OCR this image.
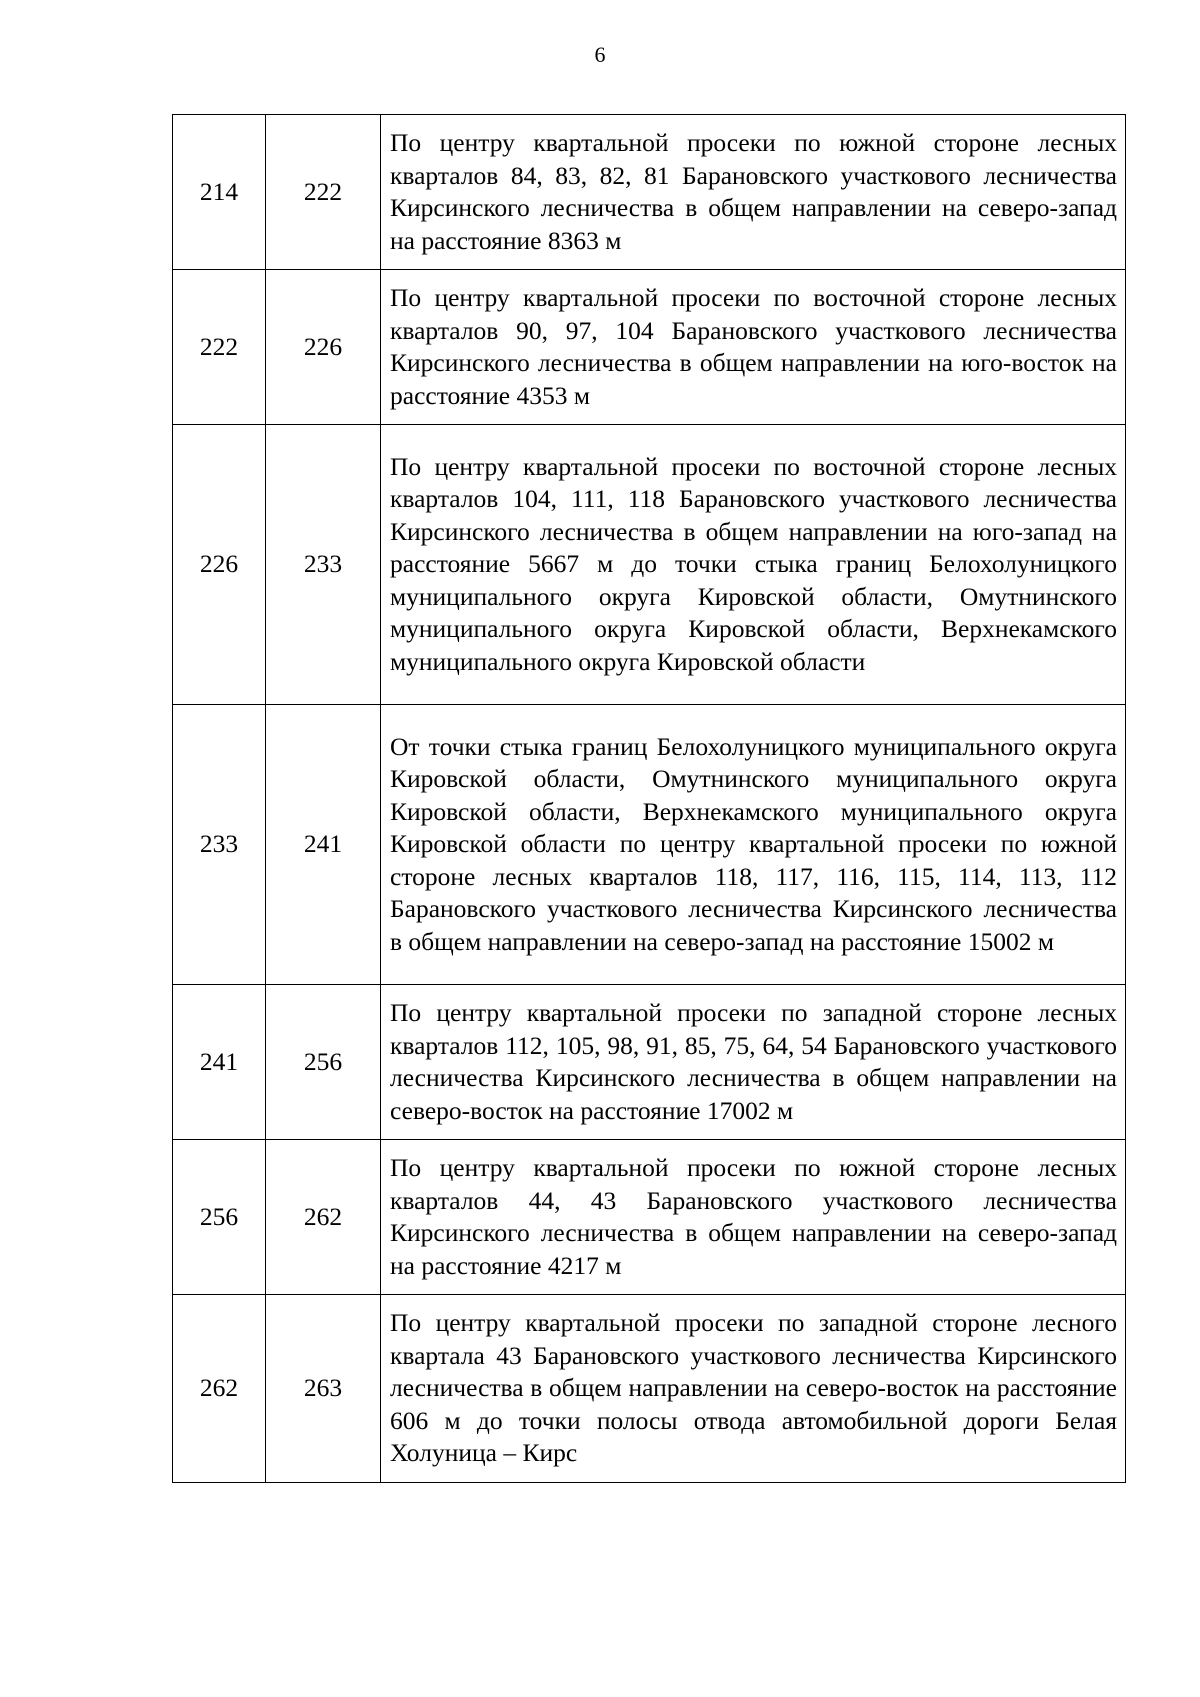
6
214	222	По центру квартальной просеки по южной стороне лесных кварталов 84, 83, 82, 81 Барановского участкового лесничества Кирсинского лесничества в общем направлении на северо-запад на расстояние 8363 м
222	226	По центру квартальной просеки по восточной стороне лесных кварталов 90, 97, 104 Барановского участкового лесничества Кирсинского лесничества в общем направлении на юго-восток на расстояние 4353 м
226	233	По центру квартальной просеки по восточной стороне лесных кварталов 104, 111, 118 Барановского участкового лесничества Кирсинского лесничества в общем направлении на юго-запад на расстояние 5667 м до точки стыка границ Белохолуницкого муниципального округа Кировской области, Омутнинского муниципального округа Кировской области, Верхнекамского муниципального округа Кировской области
233	241	От точки стыка границ Белохолуницкого муниципального округа Кировской области, Омутнинского муниципального округа Кировской области, Верхнекамского муниципального округа Кировской области по центру квартальной просеки по южной стороне лесных кварталов 118, 117, 116, 115, 114, 113, 112 Барановского участкового лесничества Кирсинского лесничества в общем направлении на северо-запад на расстояние 15002 м
241	256	По центру квартальной просеки по западной стороне лесных кварталов 112, 105, 98, 91, 85, 75, 64, 54 Барановского участкового лесничества Кирсинского лесничества в общем направлении на северо-восток на расстояние 17002 м
256	262	По центру квартальной просеки по южной стороне лесных кварталов 44, 43 Барановского участкового лесничества Кирсинского лесничества в общем направлении на северо-запад на расстояние 4217 м
262	263	По центру квартальной просеки по западной стороне лесного квартала 43 Барановского участкового лесничества Кирсинского лесничества в общем направлении на северо-восток на расстояние 606 м до точки полосы отвода автомобильной дороги Белая Холуница – Кирс
